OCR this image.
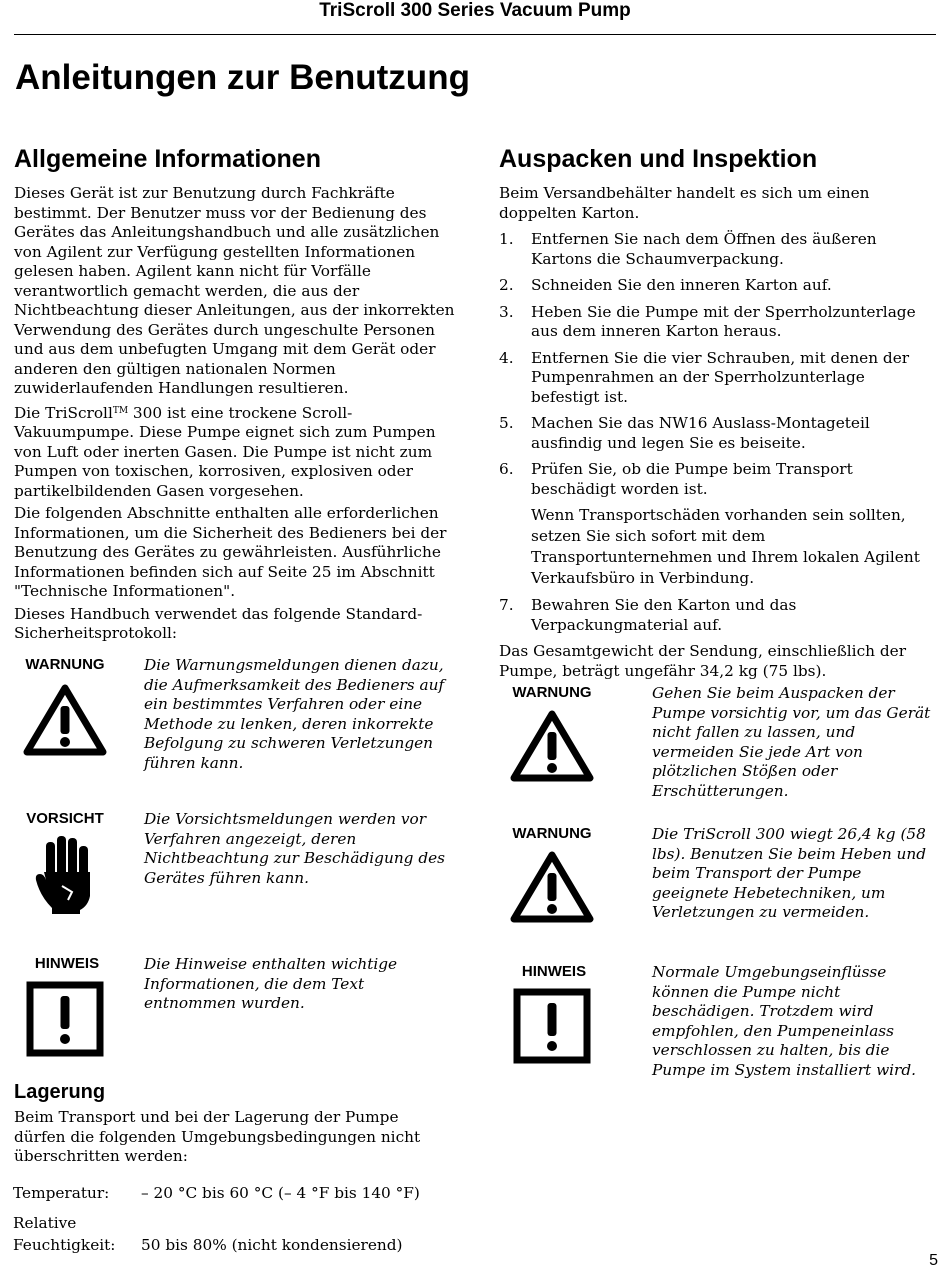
TriScroll 300 Series Vacuum Pump
Anleitungen zur Benutzung
Allgemeine Informationen

Dieses Gerät ist zur Benutzung durch Fachkräfte bestimmt. Der Benutzer muss vor der Bedienung des Gerätes das Anleitungshandbuch und alle zusätzlichen von Agilent zur Verfügung gestellten Informationen gelesen haben. Agilent kann nicht für Vorfälle verantwortlich gemacht werden, die aus der Nichtbeachtung dieser Anleitungen, aus der inkorrekten Verwendung des Gerätes durch ungeschulte Personen und aus dem unbefugten Umgang mit dem Gerät oder anderen den gültigen nationalen Normen zuwiderlaufenden Handlungen resultieren.

Die TriScroll™ 300 ist eine trockene Scroll-Vakuumpumpe. Diese Pumpe eignet sich zum Pumpen von Luft oder inerten Gasen. Die Pumpe ist nicht zum Pumpen von toxischen, korrosiven, explosiven oder partikelbildenden Gasen vorgesehen.

Die folgenden Abschnitte enthalten alle erforderlichen Informationen, um die Sicherheit des Bedieners bei der Benutzung des Gerätes zu gewährleisten. Ausführliche Informationen befinden sich auf Seite 25 im Abschnitt "Technische Informationen".

Dieses Handbuch verwendet das folgende Standard-Sicherheitsprotokoll:

WARNUNG	Die Warnungsmeldungen dienen dazu, die Aufmerksamkeit des Bedieners auf ein bestimmtes Verfahren oder eine Methode zu lenken, deren inkorrekte Befolgung zu schweren Verletzungen führen kann.

VORSICHT	Die Vorsichtsmeldungen werden vor Verfahren angezeigt, deren Nichtbeachtung zur Beschädigung des Gerätes führen kann.

HINWEIS	Die Hinweise enthalten wichtige Informationen, die dem Text entnommen wurden.

Lagerung

Beim Transport und bei der Lagerung der Pumpe dürfen die folgenden Umgebungsbedingungen nicht überschritten werden:

Temperatur: – 20 °C bis 60 °C (– 4 °F bis 140 °F)
Relative
Feuchtigkeit: 50 bis 80% (nicht kondensierend)
Auspacken und Inspektion

Beim Versandbehälter handelt es sich um einen doppelten Karton.

1. Entfernen Sie nach dem Öffnen des äußeren Kartons die Schaumverpackung.

2. Schneiden Sie den inneren Karton auf.

3. Heben Sie die Pumpe mit der Sperrholzunterlage aus dem inneren Karton heraus.

4. Entfernen Sie die vier Schrauben, mit denen der Pumpenrahmen an der Sperrholzunterlage befestigt ist.

5. Machen Sie das NW16 Auslass-Montageteil ausfindig und legen Sie es beiseite.

6. Prüfen Sie, ob die Pumpe beim Transport beschädigt worden ist.

Wenn Transportschäden vorhanden sein sollten, setzen Sie sich sofort mit dem Transportunternehmen und Ihrem lokalen Agilent Verkaufsbüro in Verbindung.

7. Bewahren Sie den Karton und das Verpackungmaterial auf.

Das Gesamtgewicht der Sendung, einschließlich der Pumpe, beträgt ungefähr 34,2 kg (75 lbs).

WARNUNG	Gehen Sie beim Auspacken der Pumpe vorsichtig vor, um das Gerät nicht fallen zu lassen, und vermeiden Sie jede Art von plötzlichen Stößen oder Erschütterungen.

WARNUNG	Die TriScroll 300 wiegt 26,4 kg (58 lbs). Benutzen Sie beim Heben und beim Transport der Pumpe geeignete Hebetechniken, um Verletzungen zu vermeiden.

HINWEIS	Normale Umgebungseinflüsse können die Pumpe nicht beschädigen. Trotzdem wird empfohlen, den Pumpeneinlass verschlossen zu halten, bis die Pumpe im System installiert wird.

5
